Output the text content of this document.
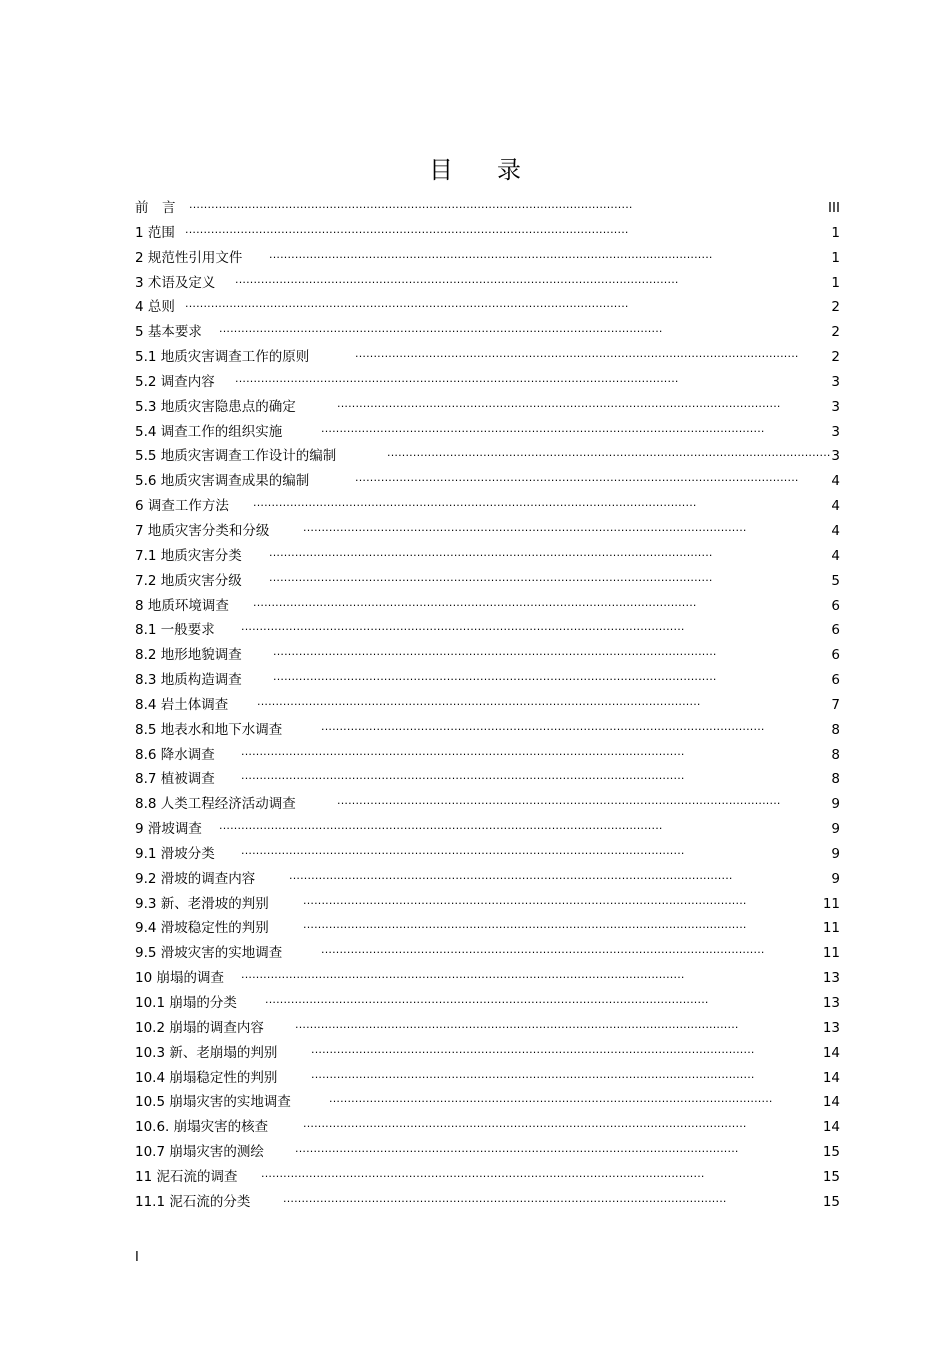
目 录
前　言 ........................................................................................................................	III
1 范围 ........................................................................................................................	1
2 规范性引用文件 ........................................................................................................................	1
3 术语及定义 ........................................................................................................................	1
4 总则 ........................................................................................................................	2
5 基本要求 ........................................................................................................................	2
5.1 地质灾害调查工作的原则	........................................................................................................................ 2
5.2 调查内容 ........................................................................................................................	3
5.3 地质灾害隐患点的确定	........................................................................................................................	3
5.4 调查工作的组织实施	........................................................................................................................	3
5.5 地质灾害调查工作设计的编制	........................................................................................................................ 3
5.6 地质灾害调查成果的编制	........................................................................................................................ 4
6 调查工作方法 ........................................................................................................................	4
7 地质灾害分类和分级	........................................................................................................................	4
7.1 地质灾害分类 ........................................................................................................................	4
7.2 地质灾害分级 ........................................................................................................................	5
8 地质环境调查 ........................................................................................................................	6
8.1 一般要求 ........................................................................................................................	6
8.2 地形地貌调查	........................................................................................................................	6
8.3 地质构造调查	........................................................................................................................	6
8.4 岩土体调查	........................................................................................................................	7
8.5 地表水和地下水调查	........................................................................................................................	8
8.6 降水调查 ........................................................................................................................	8
8.7 植被调查 ........................................................................................................................	8
8.8 人类工程经济活动调查	........................................................................................................................	9
9 滑坡调查 ........................................................................................................................	9
9.1 滑坡分类 ........................................................................................................................	9
9.2 滑坡的调查内容	........................................................................................................................	9
9.3 新、老滑坡的判别	........................................................................................................................	11
9.4 滑坡稳定性的判别	........................................................................................................................	11
9.5 滑坡灾害的实地调查	........................................................................................................................	11
10 崩塌的调查 ........................................................................................................................	13
10.1 崩塌的分类	........................................................................................................................	13
10.2 崩塌的调查内容	........................................................................................................................	13
10.3 新、老崩塌的判别	........................................................................................................................	14
10.4 崩塌稳定性的判别	........................................................................................................................	14
10.5 崩塌灾害的实地调查	........................................................................................................................	14
10.6. 崩塌灾害的核查	........................................................................................................................	14
10.7 崩塌灾害的测绘	........................................................................................................................	15
11 泥石流的调查 ........................................................................................................................	15
11.1 泥石流的分类	........................................................................................................................	15
I
